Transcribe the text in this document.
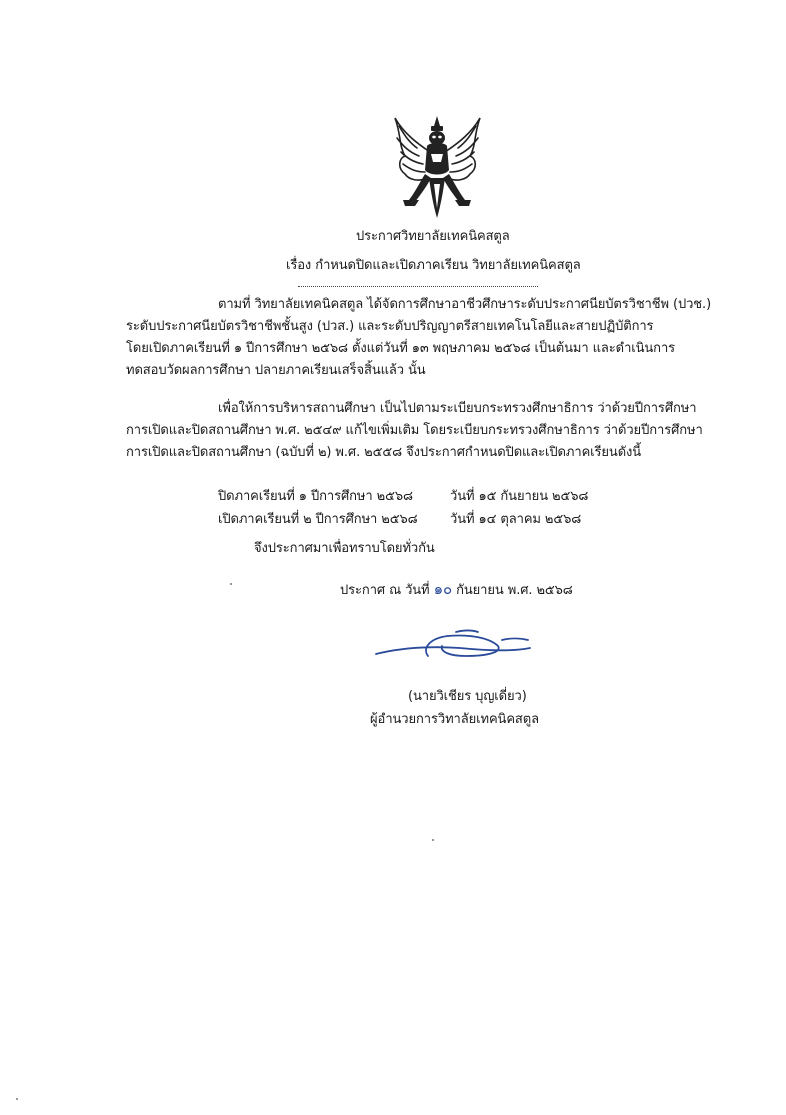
ประกาศวิทยาลัยเทคนิคสตูล
เรื่อง กำหนดปิดและเปิดภาคเรียน วิทยาลัยเทคนิคสตูล
ตามที่ วิทยาลัยเทคนิคสตูล ได้จัดการศึกษาอาชีวศึกษาระดับประกาศนียบัตรวิชาชีพ (ปวช.)
ระดับประกาศนียบัตรวิชาชีพชั้นสูง (ปวส.) และระดับปริญญาตรีสายเทคโนโลยีและสายปฏิบัติการ
โดยเปิดภาคเรียนที่ ๑ ปีการศึกษา ๒๕๖๘ ตั้งแต่วันที่ ๑๓ พฤษภาคม ๒๕๖๘ เป็นต้นมา และดำเนินการ
ทดสอบวัดผลการศึกษา ปลายภาคเรียนเสร็จสิ้นแล้ว นั้น
เพื่อให้การบริหารสถานศึกษา เป็นไปตามระเบียบกระทรวงศึกษาธิการ ว่าด้วยปีการศึกษา
การเปิดและปิดสถานศึกษา พ.ศ. ๒๕๔๙ แก้ไขเพิ่มเติม โดยระเบียบกระทรวงศึกษาธิการ ว่าด้วยปีการศึกษา
การเปิดและปิดสถานศึกษา (ฉบับที่ ๒) พ.ศ. ๒๕๕๘ จึงประกาศกำหนดปิดและเปิดภาคเรียนดังนี้
ปิดภาคเรียนที่ ๑ ปีการศึกษา ๒๕๖๘	วันที่ ๑๕ กันยายน ๒๕๖๘
เปิดภาคเรียนที่ ๒ ปีการศึกษา ๒๕๖๘ วันที่ ๑๔ ตุลาคม ๒๕๖๘
จึงประกาศมาเพื่อทราบโดยทั่วกัน
ประกาศ ณ วันที่ ๑๐ กันยายน พ.ศ. ๒๕๖๘
(นายวิเชียร บุญเดี่ยว)
ผู้อำนวยการวิทาลัยเทคนิคสตูล
